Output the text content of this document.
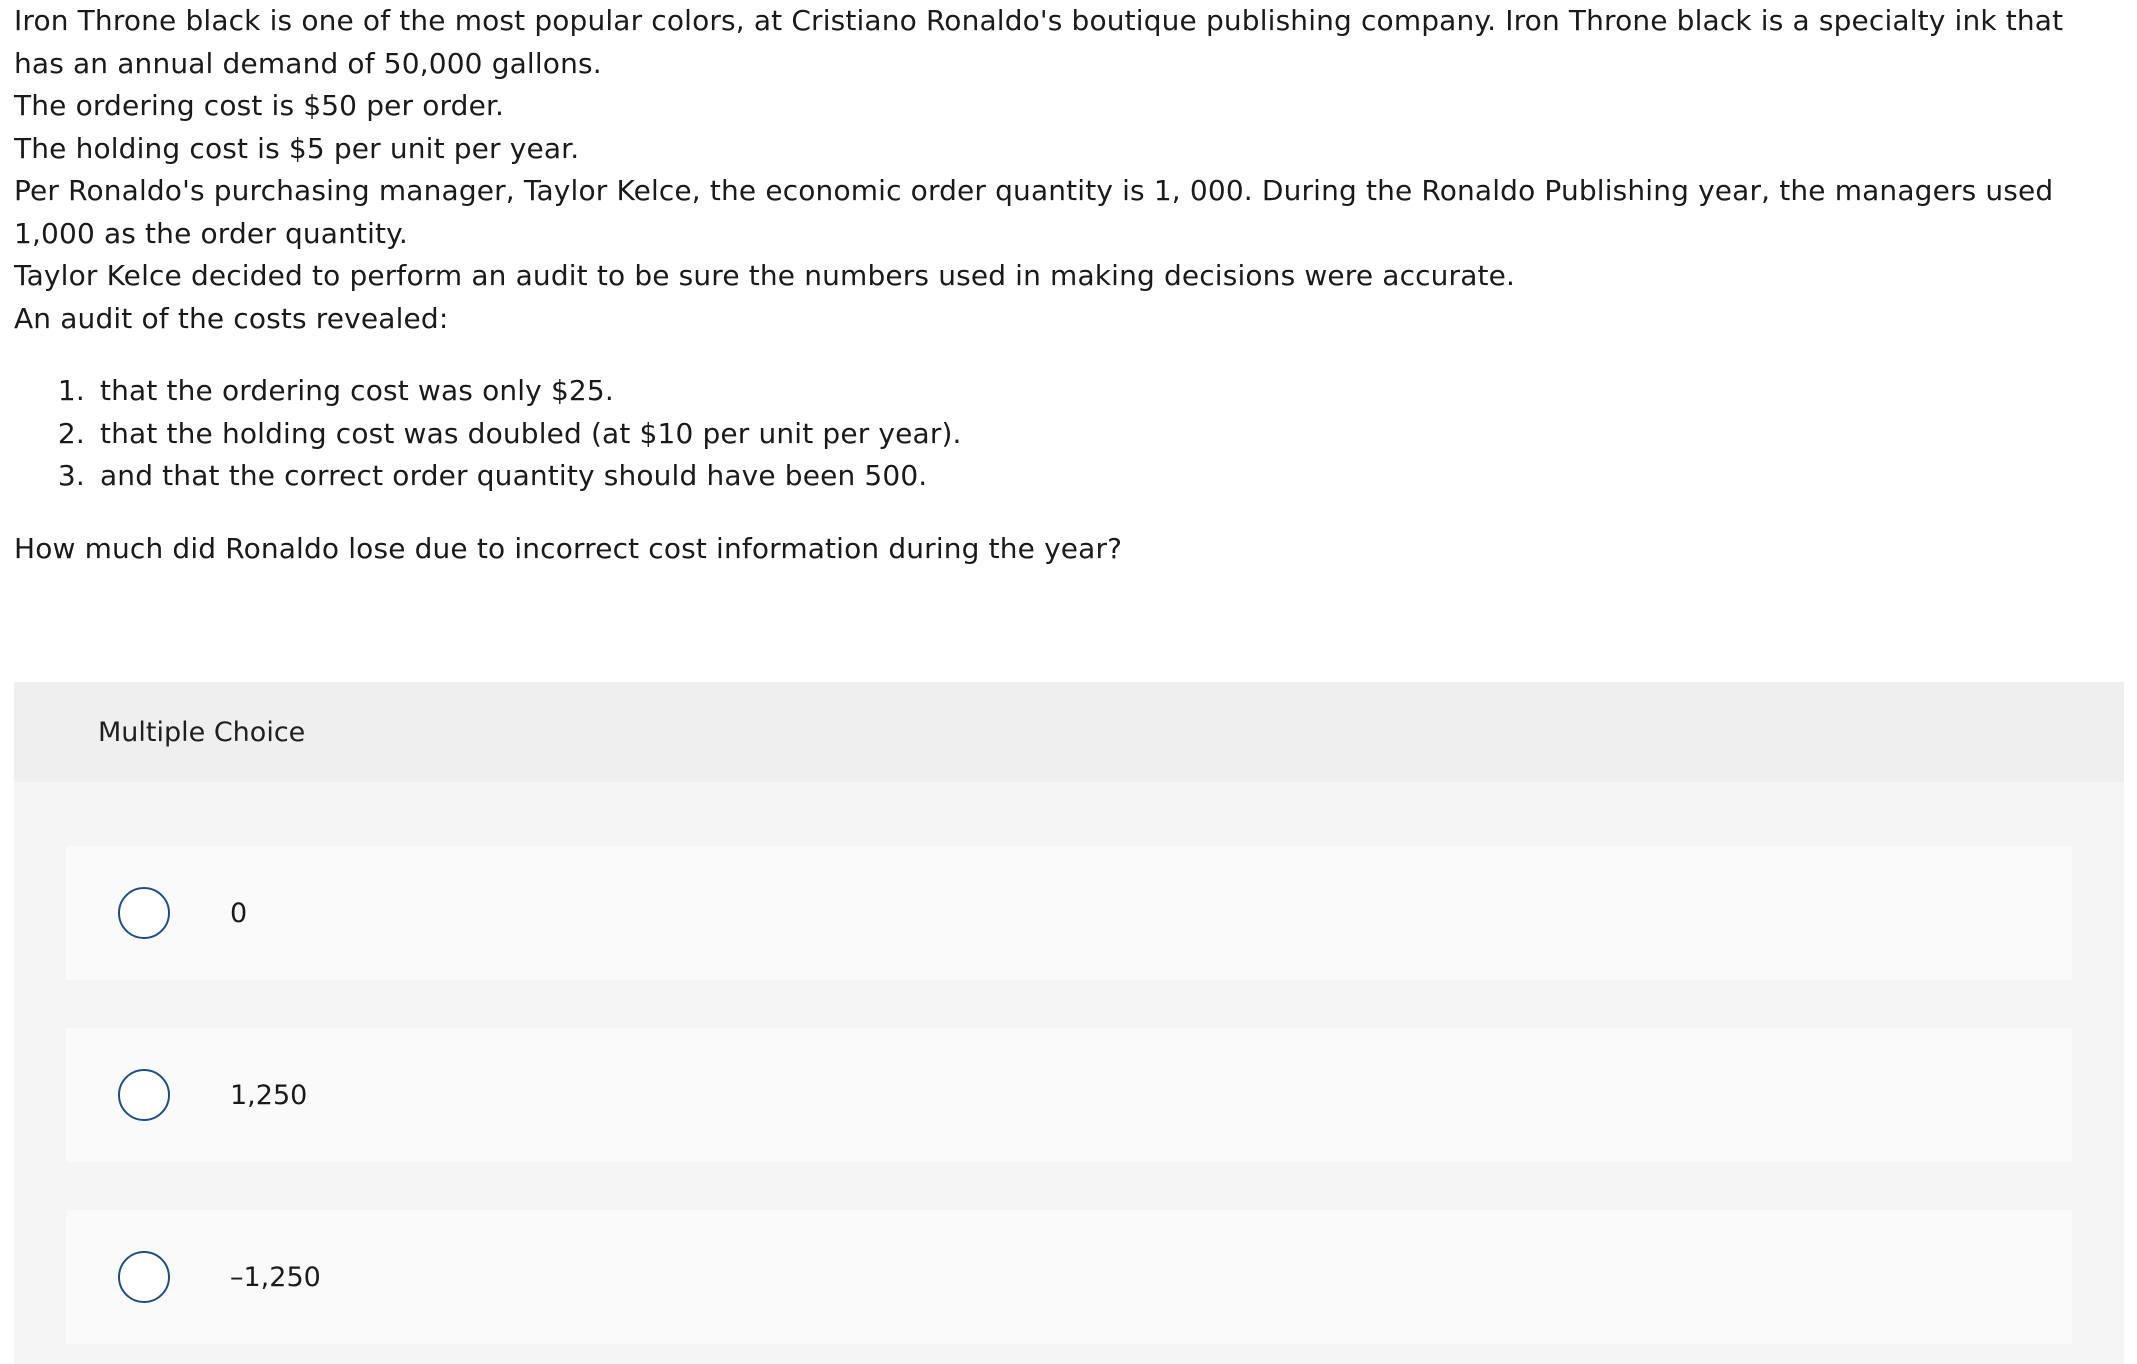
Iron Throne black is one of the most popular colors, at Cristiano Ronaldo's boutique publishing company. Iron Throne black is a specialty ink that has an annual demand of 50,000 gallons.

The ordering cost is $50 per order.

The holding cost is $5 per unit per year.

Per Ronaldo's purchasing manager, Taylor Kelce, the economic order quantity is 1, 000. During the Ronaldo Publishing year, the managers used 1,000 as the order quantity.

Taylor Kelce decided to perform an audit to be sure the numbers used in making decisions were accurate.

An audit of the costs revealed:

1. that the ordering cost was only $25.
2. that the holding cost was doubled (at $10 per unit per year).
3. and that the correct order quantity should have been 500.

How much did Ronaldo lose due to incorrect cost information during the year?

Multiple Choice
0
1,250
–1,250
